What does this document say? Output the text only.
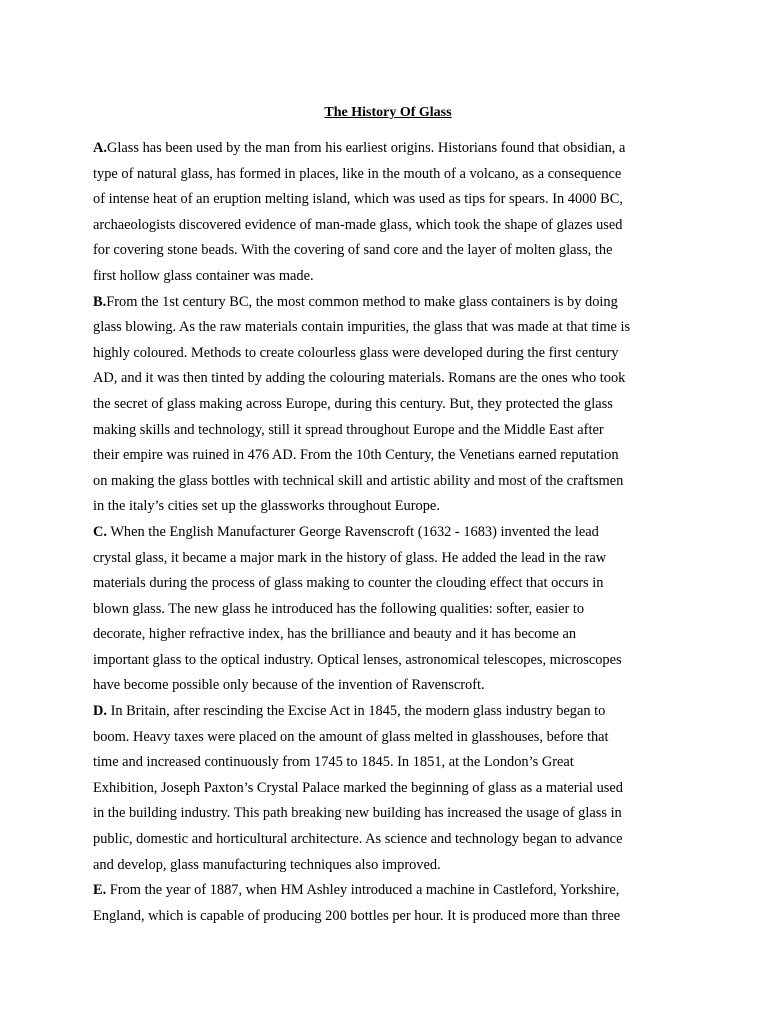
The History Of Glass
A.Glass has been used by the man from his earliest origins. Historians found that obsidian, a
type of natural glass, has formed in places, like in the mouth of a volcano, as a consequence
of intense heat of an eruption melting island, which was used as tips for spears. In 4000 BC,
archaeologists discovered evidence of man-made glass, which took the shape of glazes used
for covering stone beads. With the covering of sand core and the layer of molten glass, the
first hollow glass container was made.
B.From the 1st century BC, the most common method to make glass containers is by doing
glass blowing. As the raw materials contain impurities, the glass that was made at that time is
highly coloured. Methods to create colourless glass were developed during the first century
AD, and it was then tinted by adding the colouring materials. Romans are the ones who took
the secret of glass making across Europe, during this century. But, they protected the glass
making skills and technology, still it spread throughout Europe and the Middle East after
their empire was ruined in 476 AD. From the 10th Century, the Venetians earned reputation
on making the glass bottles with technical skill and artistic ability and most of the craftsmen
in the italy’s cities set up the glassworks throughout Europe.
C. When the English Manufacturer George Ravenscroft (1632 - 1683) invented the lead
crystal glass, it became a major mark in the history of glass. He added the lead in the raw
materials during the process of glass making to counter the clouding effect that occurs in
blown glass. The new glass he introduced has the following qualities: softer, easier to
decorate, higher refractive index, has the brilliance and beauty and it has become an
important glass to the optical industry. Optical lenses, astronomical telescopes, microscopes
have become possible only because of the invention of Ravenscroft.
D. In Britain, after rescinding the Excise Act in 1845, the modern glass industry began to
boom. Heavy taxes were placed on the amount of glass melted in glasshouses, before that
time and increased continuously from 1745 to 1845. In 1851, at the London’s Great
Exhibition, Joseph Paxton’s Crystal Palace marked the beginning of glass as a material used
in the building industry. This path breaking new building has increased the usage of glass in
public, domestic and horticultural architecture. As science and technology began to advance
and develop, glass manufacturing techniques also improved.
E. From the year of 1887, when HM Ashley introduced a machine in Castleford, Yorkshire,
England, which is capable of producing 200 bottles per hour. It is produced more than three
